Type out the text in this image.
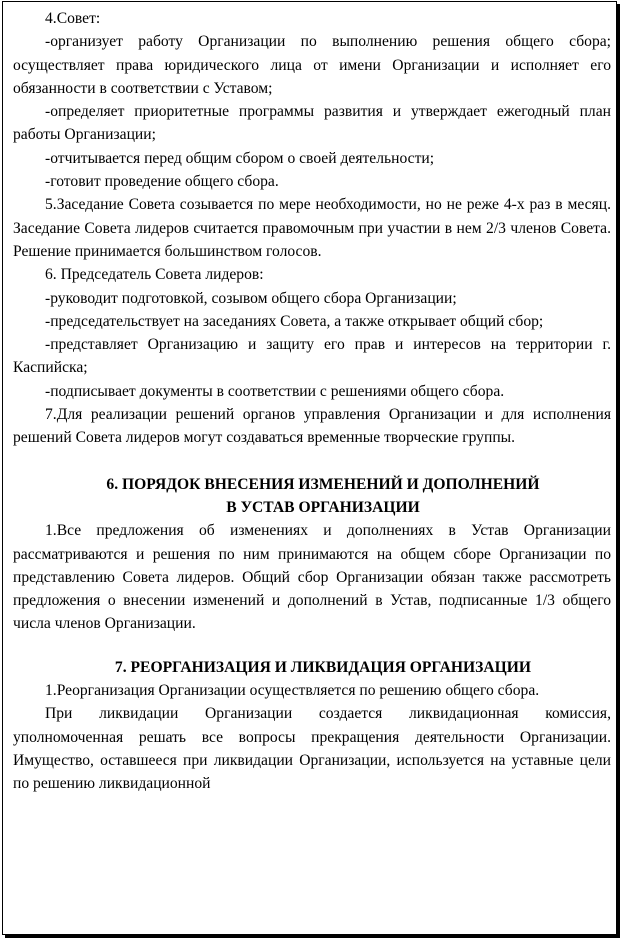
4.Совет:

-организует работу Организации по выполнению решения общего сбора; осуществляет права юридического лица от имени Организации и исполняет его обязанности в соответствии с Уставом;

-определяет приоритетные программы развития и утверждает ежегодный план работы Организации;

-отчитывается перед общим сбором о своей деятельности;

-готовит проведение общего сбора.

5.Заседание Совета созывается по мере необходимости, но не реже 4-х раз в месяц. Заседание Совета лидеров считается правомочным при участии в нем 2/3 членов Совета. Решение принимается большинством голосов.

6. Председатель Совета лидеров:

-руководит подготовкой, созывом общего сбора Организации;

-председательствует на заседаниях Совета, а также открывает общий сбор;

-представляет Организацию и защиту его прав и интересов на территории г. Каспийска;

-подписывает документы в соответствии с решениями общего сбора.

7.Для реализации решений органов управления Организации и для исполнения решений Совета лидеров могут создаваться временные творческие группы.

6. ПОРЯДОК ВНЕСЕНИЯ ИЗМЕНЕНИЙ И ДОПОЛНЕНИЙ
В УСТАВ ОРГАНИЗАЦИИ

1.Все предложения об изменениях и дополнениях в Устав Организации рассматриваются и решения по ним принимаются на общем сборе Организации по представлению Совета лидеров. Общий сбор Организации обязан также рассмотреть предложения о внесении изменений и дополнений в Устав, подписанные 1/3 общего числа членов Организации.

7. РЕОРГАНИЗАЦИЯ И ЛИКВИДАЦИЯ ОРГАНИЗАЦИИ

1.Реорганизация Организации осуществляется по решению общего сбора.

При ликвидации Организации создается ликвидационная комиссия, уполномоченная решать все вопросы прекращения деятельности Организации. Имущество, оставшееся при ликвидации Организации, используется на уставные цели по решению ликвидационной
